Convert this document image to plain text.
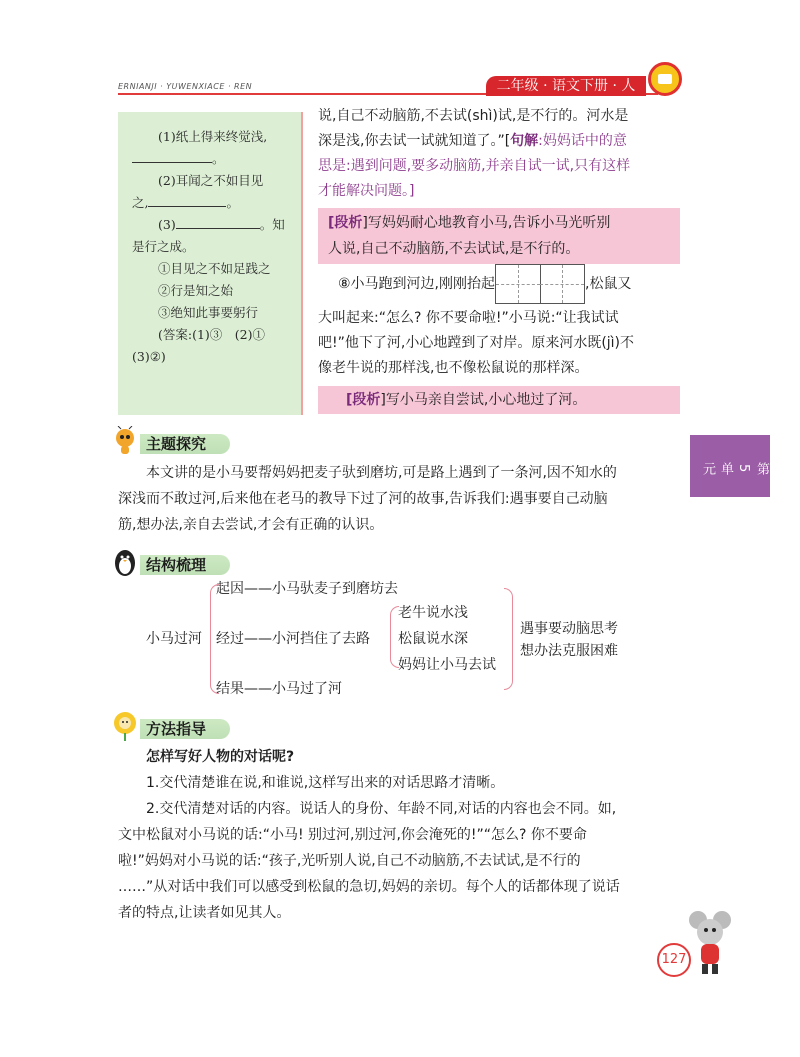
ERNIANJI · YUWENXIACE · REN	二年级 · 语文下册 · 人

(1)纸上得来终觉浅,

。

(2)耳闻之不如目见

之,	。

(3)	。知

是行之成。

①目见之不如足践之

②行是知之始

③绝知此事要躬行

(答案:(1)③　(2)①

(3)②)

说,自己不动脑筋,不去试(shì)试,是不行的。河水是

深是浅,你去试一试就知道了。”[句解:妈妈话中的意

思是:遇到问题,要多动脑筋,并亲自试一试,只有这样

才能解决问题。]

[段析]写妈妈耐心地教育小马,告诉小马光听别

人说,自己不动脑筋,不去试试,是不行的。

⑧小马跑到河边,刚刚抬起	,松鼠又

大叫起来:“怎么? 你不要命啦!”小马说:“让我试试

吧!”他下了河,小心地蹚到了对岸。原来河水既(jì)不

像老牛说的那样浅,也不像松鼠说的那样深。

[段析]写小马亲自尝试,小心地过了河。

第
5
单
元
主题探究

本文讲的是小马要帮妈妈把麦子驮到磨坊,可是路上遇到了一条河,因不知水的

深浅而不敢过河,后来他在老马的教导下过了河的故事,告诉我们:遇事要自己动脑

筋,想办法,亲自去尝试,才会有正确的认识。

结构梳理
小马过河
起因——小马驮麦子到磨坊去
经过——小河挡住了去路
结果——小马过了河
老牛说水浅
松鼠说水深
妈妈让小马去试
遇事要动脑思考
想办法克服困难
方法指导

怎样写好人物的对话呢?

1.交代清楚谁在说,和谁说,这样写出来的对话思路才清晰。

2.交代清楚对话的内容。说话人的身份、年龄不同,对话的内容也会不同。如,

文中松鼠对小马说的话:“小马! 别过河,别过河,你会淹死的!”“怎么? 你不要命

啦!”妈妈对小马说的话:“孩子,光听别人说,自己不动脑筋,不去试试,是不行的

……”从对话中我们可以感受到松鼠的急切,妈妈的亲切。每个人的话都体现了说话

者的特点,让读者如见其人。

127
